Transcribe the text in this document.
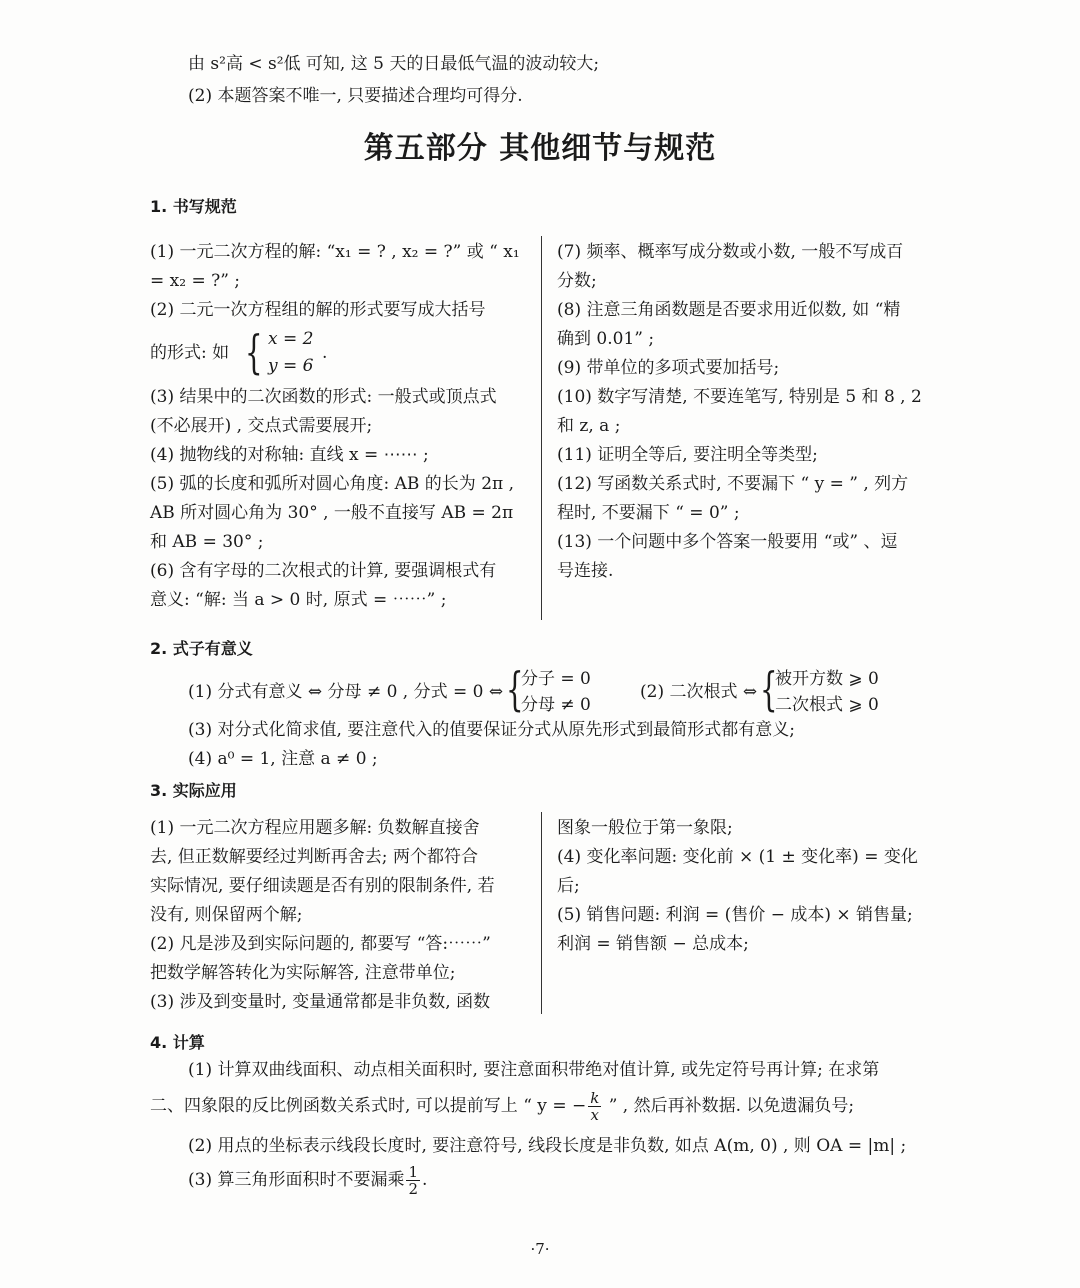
由 s²高 < s²低 可知, 这 5 天的日最低气温的波动较大;
(2) 本题答案不唯一, 只要描述合理均可得分.
第五部分 其他细节与规范
1. 书写规范
(1) 一元二次方程的解: “x₁ = ? , x₂ = ?” 或 “ x₁
= x₂ = ?” ;
(2) 二元一次方程组的解的形式要写成大括号
的形式: 如 { x = 2
y = 6
.
(3) 结果中的二次函数的形式: 一般式或顶点式
(不必展开) , 交点式需要展开;
(4) 抛物线的对称轴: 直线 x = ⋯⋯ ;
(5) 弧的长度和弧所对圆心角度: AB 的长为 2π ,
AB 所对圆心角为 30° , 一般不直接写 AB = 2π
和 AB = 30° ;
(6) 含有字母的二次根式的计算, 要强调根式有
意义: “解: 当 a > 0 时, 原式 = ⋯⋯” ;
(7) 频率、概率写成分数或小数, 一般不写成百
分数;
(8) 注意三角函数题是否要求用近似数, 如 “精
确到 0.01” ;
(9) 带单位的多项式要加括号;
(10) 数字写清楚, 不要连笔写, 特别是 5 和 8 , 2
和 z, a ;
(11) 证明全等后, 要注明全等类型;
(12) 写函数关系式时, 不要漏下 “ y = ” , 列方
程时, 不要漏下 “ = 0” ;
(13) 一个问题中多个答案一般要用 “或” 、逗
号连接.
2. 式子有意义
(1) 分式有意义 ⇔ 分母 ≠ 0 , 分式 = 0 ⇔ {
分子 = 0
分母 ≠ 0
(2) 二次根式 ⇔ {
被开方数 ⩾ 0
二次根式 ⩾ 0
(3) 对分式化简求值, 要注意代入的值要保证分式从原先形式到最简形式都有意义;
(4) a⁰ = 1, 注意 a ≠ 0 ;
3. 实际应用
(1) 一元二次方程应用题多解: 负数解直接舍
去, 但正数解要经过判断再舍去; 两个都符合
实际情况, 要仔细读题是否有别的限制条件, 若
没有, 则保留两个解;
(2) 凡是涉及到实际问题的, 都要写 “答:⋯⋯”
把数学解答转化为实际解答, 注意带单位;
(3) 涉及到变量时, 变量通常都是非负数, 函数
图象一般位于第一象限;
(4) 变化率问题: 变化前 × (1 ± 变化率) = 变化
后;
(5) 销售问题: 利润 = (售价 − 成本) × 销售量;
利润 = 销售额 − 总成本;
4. 计算
(1) 计算双曲线面积、动点相关面积时, 要注意面积带绝对值计算, 或先定符号再计算; 在求第
二、四象限的反比例函数关系式时, 可以提前写上 “ y = − $\frac{k}{x}$ ” , 然后再补数据. 以免遗漏负号;
(2) 用点的坐标表示线段长度时, 要注意符号, 线段长度是非负数, 如点 A(m, 0) , 则 OA = |m| ;
(3) 算三角形面积时不要漏乘 $\frac{1}{2}$ .
·7·
